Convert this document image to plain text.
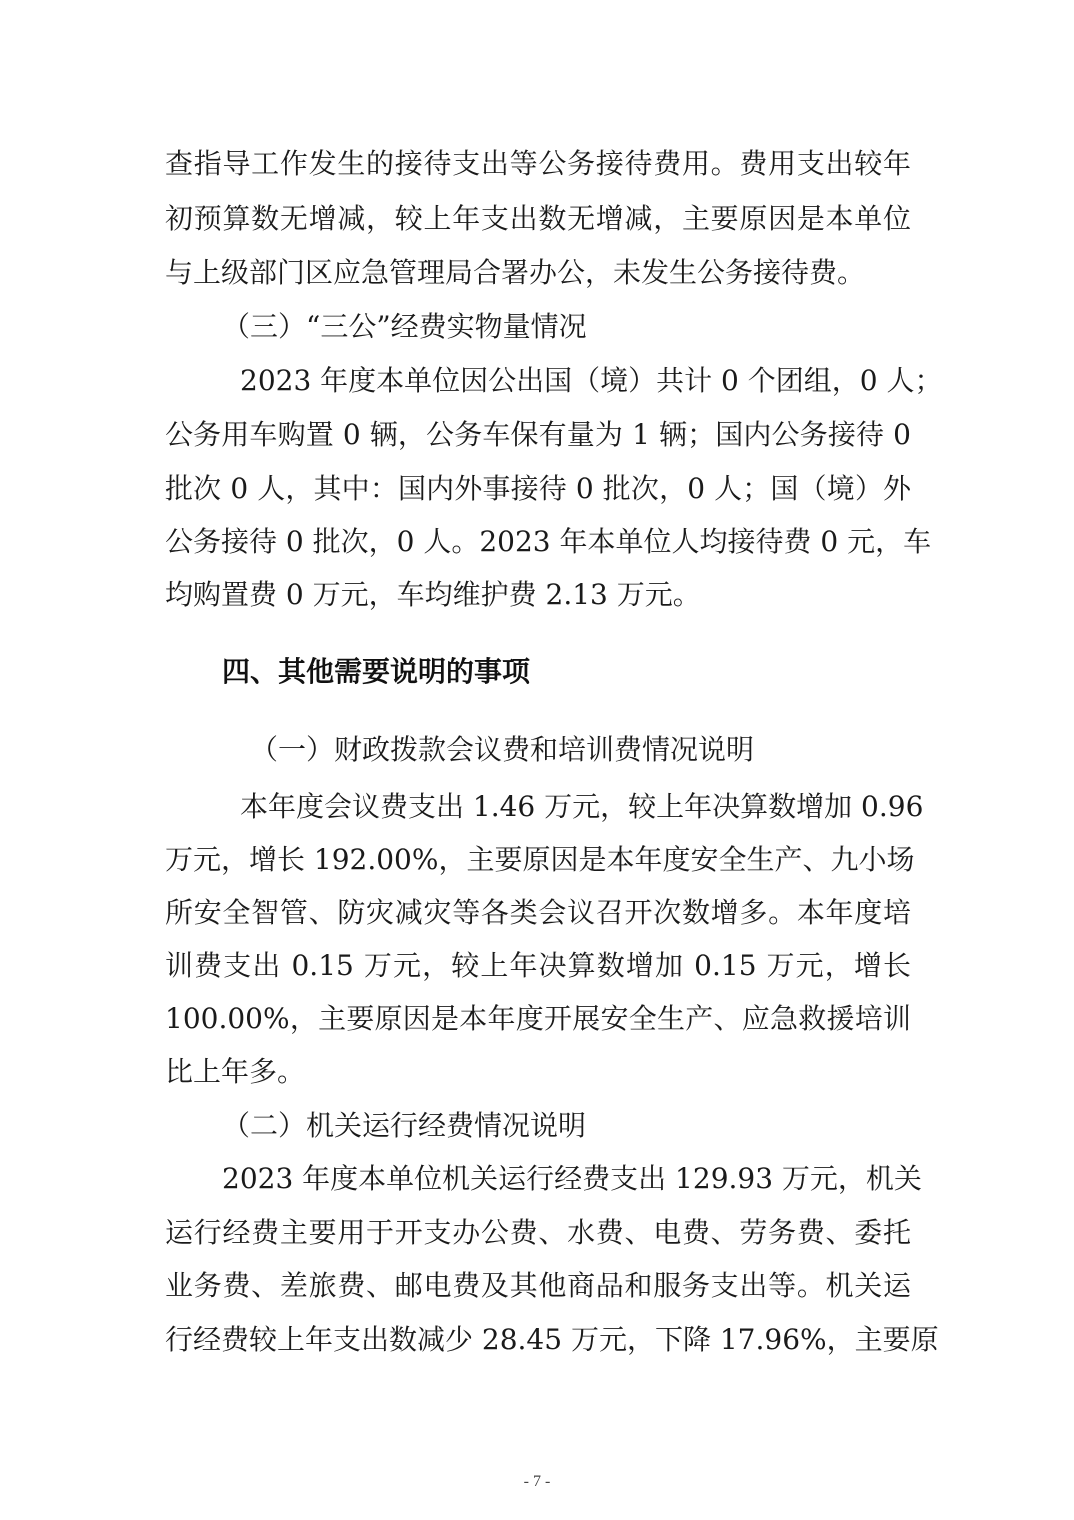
查指导工作发生的接待支出等公务接待费用。费用支出较年
初预算数无增减，较上年支出数无增减，主要原因是本单位
与上级部门区应急管理局合署办公，未发生公务接待费。
（三）“三公”经费实物量情况
2023 年度本单位因公出国（境）共计 0 个团组，0 人；
公务用车购置 0 辆，公务车保有量为 1 辆；国内公务接待 0
批次 0 人，其中：国内外事接待 0 批次，0 人；国（境）外
公务接待 0 批次，0 人。2023 年本单位人均接待费 0 元，车
均购置费 0 万元，车均维护费 2.13 万元。
四、其他需要说明的事项
（一）财政拨款会议费和培训费情况说明
本年度会议费支出 1.46 万元，较上年决算数增加 0.96
万元，增长 192.00%，主要原因是本年度安全生产、九小场
所安全智管、防灾减灾等各类会议召开次数增多。本年度培
训费支出 0.15 万元，较上年决算数增加 0.15 万元，增长
100.00%，主要原因是本年度开展安全生产、应急救援培训
比上年多。
（二）机关运行经费情况说明
2023 年度本单位机关运行经费支出 129.93 万元，机关
运行经费主要用于开支办公费、水费、电费、劳务费、委托
业务费、差旅费、邮电费及其他商品和服务支出等。机关运
行经费较上年支出数减少 28.45 万元，下降 17.96%，主要原
- 7 -
